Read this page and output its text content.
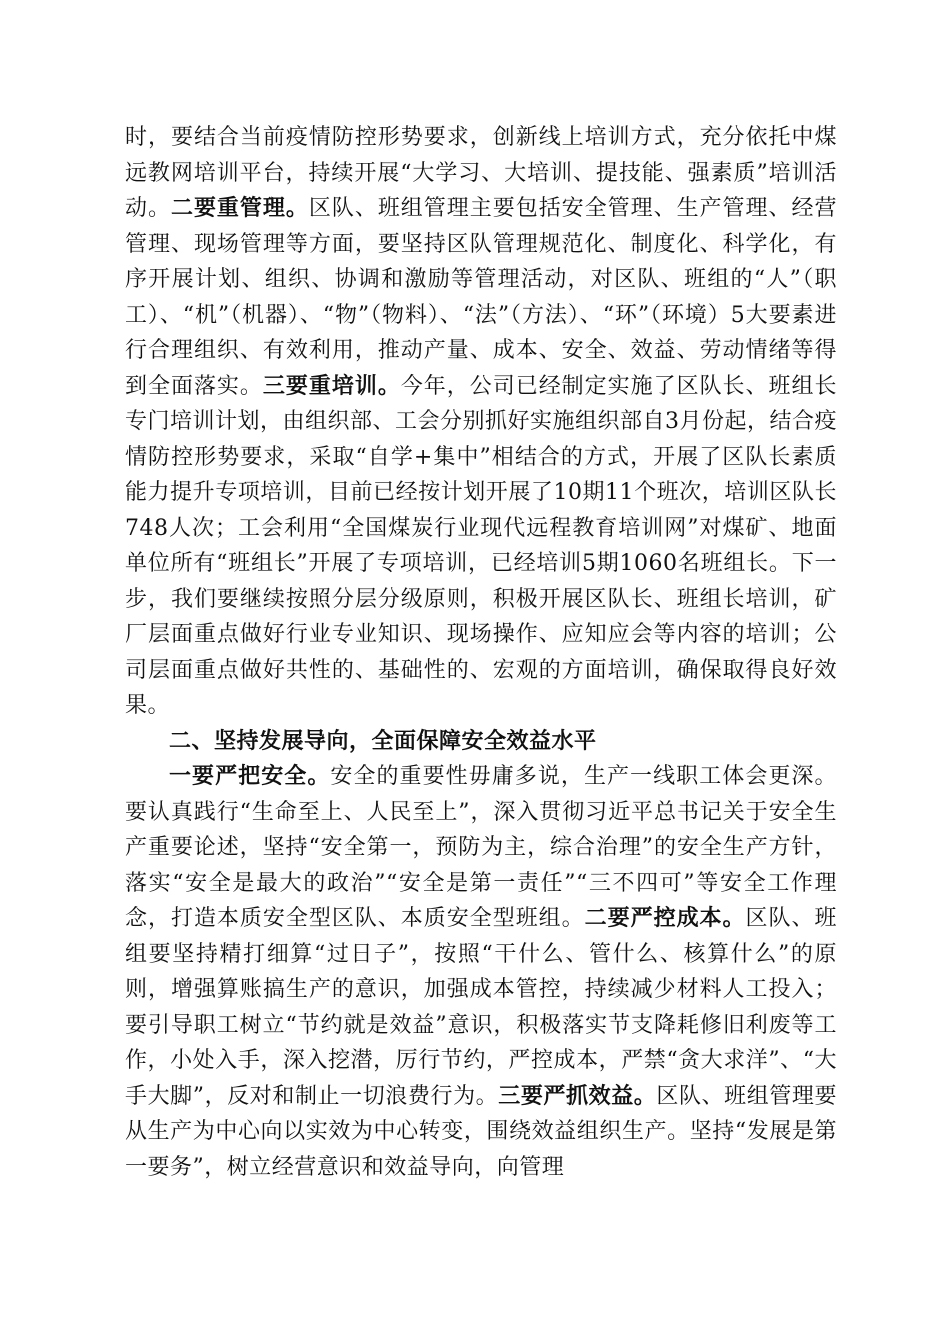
时，要结合当前疫情防控形势要求，创新线上培训方式，充分依托中煤远教网培训平台，持续开展“大学习、大培训、提技能、强素质”培训活动。二要重管理。区队、班组管理主要包括安全管理、生产管理、经营管理、现场管理等方面，要坚持区队管理规范化、制度化、科学化，有序开展计划、组织、协调和激励等管理活动，对区队、班组的“人”（职工）、“机”（机器）、“物”（物料）、“法”（方法）、“环”（环境）5大要素进行合理组织、有效利用，推动产量、成本、安全、效益、劳动情绪等得到全面落实。三要重培训。今年，公司已经制定实施了区队长、班组长专门培训计划，由组织部、工会分别抓好实施组织部自3月份起，结合疫情防控形势要求，采取“自学+集中”相结合的方式，开展了区队长素质能力提升专项培训，目前已经按计划开展了10期11个班次，培训区队长748人次；工会利用“全国煤炭行业现代远程教育培训网”对煤矿、地面单位所有“班组长”开展了专项培训，已经培训5期1060名班组长。下一步，我们要继续按照分层分级原则，积极开展区队长、班组长培训，矿厂层面重点做好行业专业知识、现场操作、应知应会等内容的培训；公司层面重点做好共性的、基础性的、宏观的方面培训，确保取得良好效果。

二、坚持发展导向，全面保障安全效益水平

一要严把安全。安全的重要性毋庸多说，生产一线职工体会更深。要认真践行“生命至上、人民至上”，深入贯彻习近平总书记关于安全生产重要论述，坚持“安全第一，预防为主，综合治理”的安全生产方针，落实“安全是最大的政治”“安全是第一责任”“三不四可”等安全工作理念，打造本质安全型区队、本质安全型班组。二要严控成本。区队、班组要坚持精打细算“过日子”，按照“干什么、管什么、核算什么”的原则，增强算账搞生产的意识，加强成本管控，持续减少材料人工投入；要引导职工树立“节约就是效益”意识，积极落实节支降耗修旧利废等工作，小处入手，深入挖潜，厉行节约，严控成本，严禁“贪大求洋”、“大手大脚”，反对和制止一切浪费行为。三要严抓效益。区队、班组管理要从生产为中心向以实效为中心转变，围绕效益组织生产。坚持“发展是第一要务”，树立经营意识和效益导向，向管理
